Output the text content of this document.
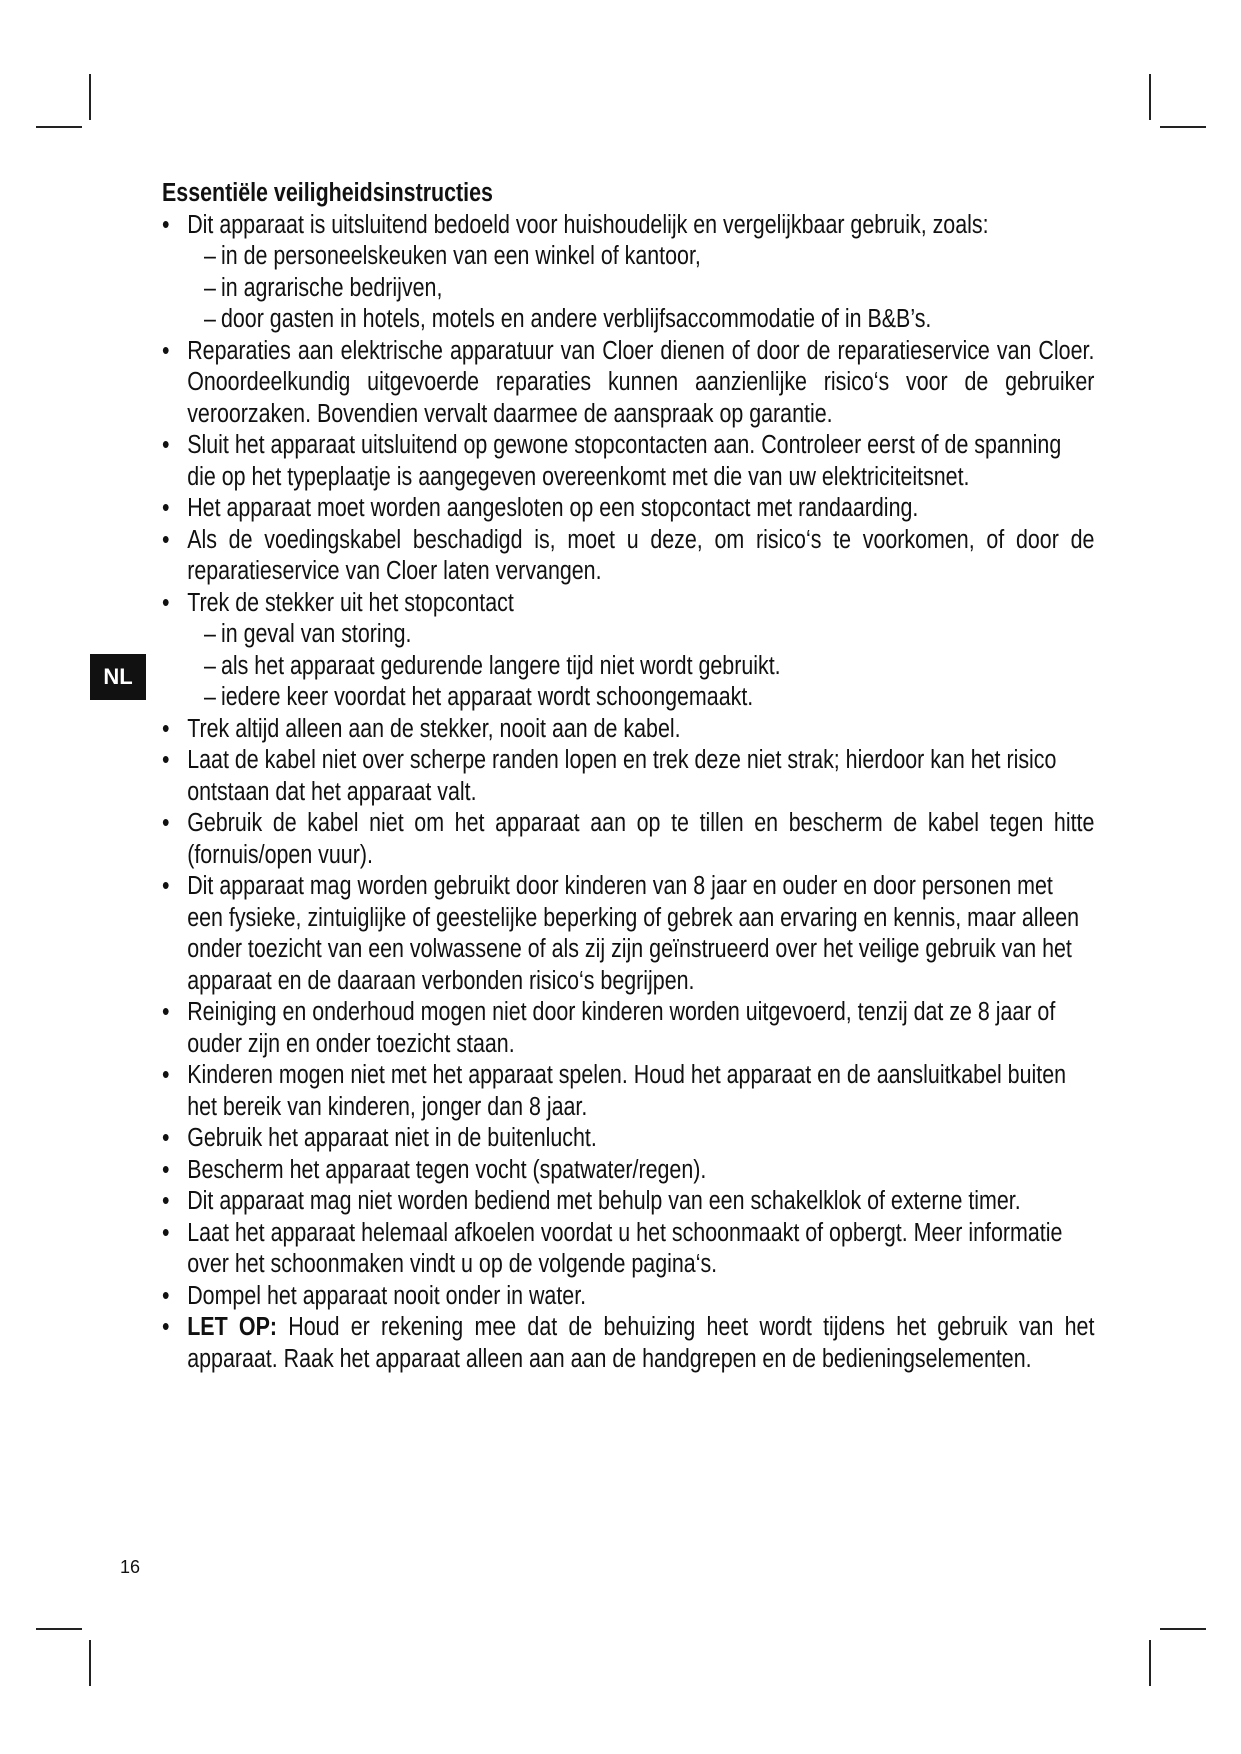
NL
Essentiële veiligheidsinstructies
• Dit apparaat is uitsluitend bedoeld voor huishoudelijk en vergelijkbaar gebruik, zoals:
– in de personeelskeuken van een winkel of kantoor,
– in agrarische bedrijven,
– door gasten in hotels, motels en andere verblijfsaccommodatie of in B&B’s.
• Reparaties aan elektrische apparatuur van Cloer dienen of door de reparatieservice van Cloer. Onoordeelkundig uitgevoerde reparaties kunnen aanzienlijke risico‘s voor de gebruiker veroorzaken. Bovendien vervalt daarmee de aanspraak op garantie.
• Sluit het apparaat uitsluitend op gewone stopcontacten aan. Controleer eerst of de spanning die op het typeplaatje is aangegeven overeenkomt met die van uw elektriciteitsnet.
• Het apparaat moet worden aangesloten op een stopcontact met randaarding.
• Als de voedingskabel beschadigd is, moet u deze, om risico‘s te voorkomen, of door de reparatieservice van Cloer laten vervangen.
• Trek de stekker uit het stopcontact
– in geval van storing.
– als het apparaat gedurende langere tijd niet wordt gebruikt.
– iedere keer voordat het apparaat wordt schoongemaakt.
• Trek altijd alleen aan de stekker, nooit aan de kabel.
• Laat de kabel niet over scherpe randen lopen en trek deze niet strak; hierdoor kan het risico ontstaan dat het apparaat valt.
• Gebruik de kabel niet om het apparaat aan op te tillen en bescherm de kabel tegen hitte (fornuis/open vuur).
• Dit apparaat mag worden gebruikt door kinderen van 8 jaar en ouder en door personen met een fysieke, zintuiglijke of geestelijke beperking of gebrek aan ervaring en kennis, maar alleen onder toezicht van een volwassene of als zij zijn geïnstrueerd over het veilige gebruik van het apparaat en de daaraan verbonden risico‘s begrijpen.
• Reiniging en onderhoud mogen niet door kinderen worden uitgevoerd, tenzij dat ze 8 jaar of ouder zijn en onder toezicht staan.
• Kinderen mogen niet met het apparaat spelen. Houd het apparaat en de aansluitkabel buiten het bereik van kinderen, jonger dan 8 jaar.
• Gebruik het apparaat niet in de buitenlucht.
• Bescherm het apparaat tegen vocht (spatwater/regen).
• Dit apparaat mag niet worden bediend met behulp van een schakelklok of externe timer.
• Laat het apparaat helemaal afkoelen voordat u het schoonmaakt of opbergt. Meer informatie over het schoonmaken vindt u op de volgende pagina‘s.
• Dompel het apparaat nooit onder in water.
• LET OP: Houd er rekening mee dat de behuizing heet wordt tijdens het gebruik van het apparaat. Raak het apparaat alleen aan aan de handgrepen en de bedieningselementen.
16
